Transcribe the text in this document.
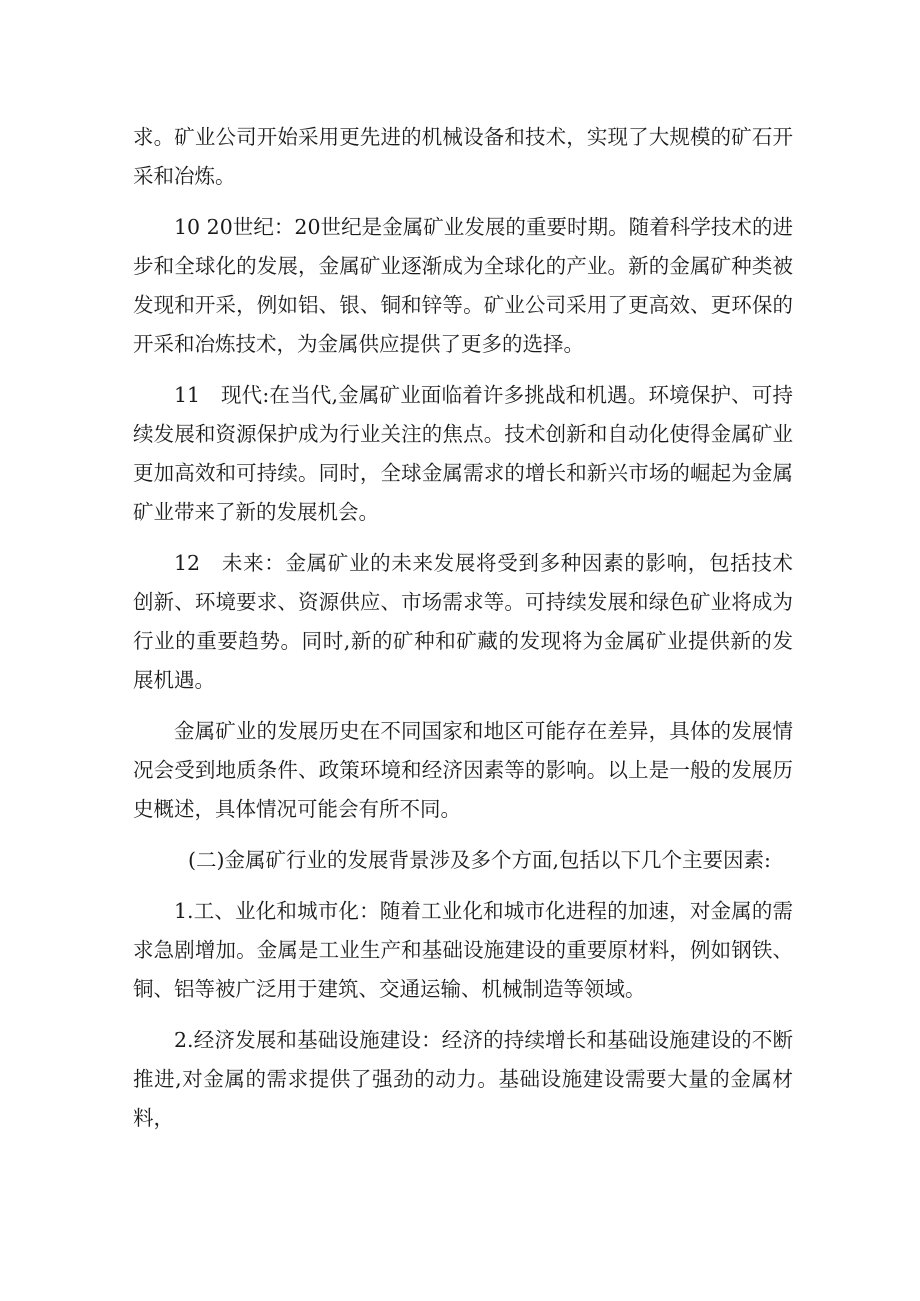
求。矿业公司开始采用更先进的机械设备和技术，实现了大规模的矿石开采和冶炼。

10 20世纪：20世纪是金属矿业发展的重要时期。随着科学技术的进步和全球化的发展，金属矿业逐渐成为全球化的产业。新的金属矿种类被发现和开采，例如铝、银、铜和锌等。矿业公司采用了更高效、更环保的开采和冶炼技术，为金属供应提供了更多的选择。

11　现代:在当代,金属矿业面临着许多挑战和机遇。环境保护、可持续发展和资源保护成为行业关注的焦点。技术创新和自动化使得金属矿业更加高效和可持续。同时，全球金属需求的增长和新兴市场的崛起为金属矿业带来了新的发展机会。

12　未来：金属矿业的未来发展将受到多种因素的影响，包括技术创新、环境要求、资源供应、市场需求等。可持续发展和绿色矿业将成为行业的重要趋势。同时,新的矿种和矿藏的发现将为金属矿业提供新的发展机遇。

金属矿业的发展历史在不同国家和地区可能存在差异，具体的发展情况会受到地质条件、政策环境和经济因素等的影响。以上是一般的发展历史概述，具体情况可能会有所不同。

(二)金属矿行业的发展背景涉及多个方面,包括以下几个主要因素:

1.工、业化和城市化：随着工业化和城市化进程的加速，对金属的需求急剧增加。金属是工业生产和基础设施建设的重要原材料，例如钢铁、铜、铝等被广泛用于建筑、交通运输、机械制造等领域。

2.经济发展和基础设施建设：经济的持续增长和基础设施建设的不断推进,对金属的需求提供了强劲的动力。基础设施建设需要大量的金属材料，
